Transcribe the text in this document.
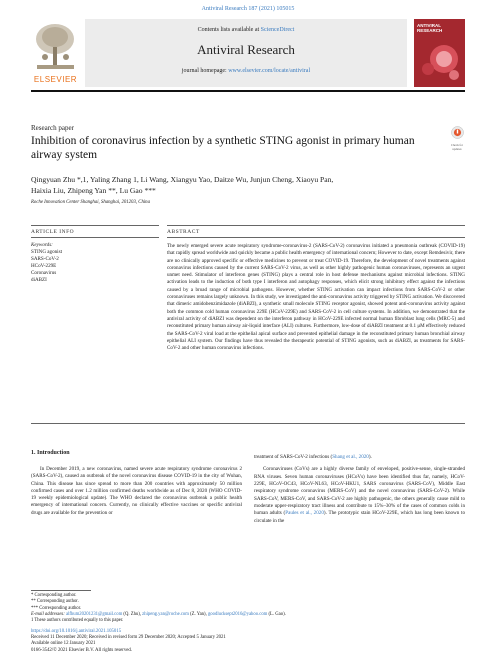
Antiviral Research 187 (2021) 105015
ELSEVIER
Contents lists available at ScienceDirect
Antiviral Research
journal homepage: www.elsevier.com/locate/antiviral
ANTIVIRAL RESEARCH
Research paper
Inhibition of coronavirus infection by a synthetic STING agonist in primary human airway system
Check for updates
Qingyuan Zhu *,1, Yaling Zhang 1, Li Wang, Xiangyu Yao, Daitze Wu, Junjun Cheng, Xiaoyu Pan,
Haixia Liu, Zhipeng Yan **, Lu Gao ***
Roche Innovation Center Shanghai, Shanghai, 201203, China
ARTICLE INFO	ABSTRACT
Keywords:
STING agonist
SARS-CoV-2
HCoV-229E
Coronavirus
diABZI
The newly emerged severe acute respiratory syndrome-coronavirus-2 (SARS-CoV-2) coronavirus initiated a pneumonia outbreak (COVID-19) that rapidly spread worldwide and quickly became a public health emergency of international concern; However to date, except Remdesivir, there are no clinically approved specific or effective medicines to prevent or treat COVID-19. Therefore, the development of novel treatments against coronavirus infections caused by the current SARS-CoV-2 virus, as well as other highly pathogenic human coronaviruses, represents an urgent unmet need. Stimulator of interferon genes (STING) plays a central role in host defense mechanisms against microbial infections. STING activation leads to the induction of both type I interferon and autophagy responses, which elicit strong inhibitory effect against the infections caused by a broad range of microbial pathogens. However, whether STING activation can impact infections from SARS-CoV-2 or other coronaviruses remains largely unknown. In this study, we investigated the anti-coronavirus activity triggered by STING activation. We discovered that dimeric amidobenzimidazole (diABZI), a synthetic small molecule STING receptor agonist, showed potent anti-coronavirus activity against both the common cold human coronavirus 229E (HCoV-229E) and SARS-CoV-2 in cell culture systems. In addition, we demonstrated that the antiviral activity of diABZI was dependent on the interferon pathway in HCoV-229E infected normal human fibroblast lung cells (MRC-5) and reconstituted primary human airway air-liquid interface (ALI) cultures. Furthermore, low-dose of diABZI treatment at 0.1 μM effectively reduced the SARS-CoV-2 viral load at the epithelial apical surface and prevented epithelial damage in the reconstituted primary human bronchial airway epithelial ALI system. Our findings have thus revealed the therapeutic potential of STING agonists, such as diABZI, as treatments for SARS-CoV-2 and other human coronavirus infections.
1. Introduction
In December 2019, a new coronavirus, named severe acute respiratory syndrome coronavirus 2 (SARS-CoV-2), caused an outbreak of the novel coronavirus disease COVID-19 in the city of Wuhan, China. This disease has since spread to more than 200 countries with approximately 50 million confirmed cases and over 1.2 million confirmed deaths worldwide as of Dec 8, 2020 (WHO COVID-19 weekly epidemiological update). The WHO declared the coronavirus outbreak a public health emergency of international concern. Currently, no clinically effective vaccines or specific antiviral drugs are available for the prevention or

treatment of SARS-CoV-2 infections (Shang et al., 2020).

Coronaviruses (CoVs) are a highly diverse family of enveloped, positive-sense, single-stranded RNA viruses. Seven human coronaviruses (HCoVs) have been identified thus far, namely, HCoV-229E, HCoV-OC43, HCoV-NL63, HCoV-HKU1, SARS coronavirus (SARS-CoV), Middle East respiratory syndrome coronavirus (MERS-CoV) and the novel coronavirus (SARS-CoV-2). While SARS-CoV, MERS-CoV, and SARS-CoV-2 are highly pathogenic, the others generally cause mild to moderate upper-respiratory tract illness and contribute to 15%–30% of the cases of common colds in human adults (Paules et al., 2020). The prototypic stain HCoV-229E, which has long been known to circulate in the

* Corresponding author.
** Corresponding author.
*** Corresponding author.
E-mail addresses: alfhum20201231@gmail.com (Q. Zhu), zhipeng.yan@roche.com (Z. Yan), goodlucksept2016@yahoo.com (L. Gao).
1 These authors contributed equally to this paper.
https://doi.org/10.1016/j.antiviral.2021.105015
Received 11 December 2020; Received in revised form 29 December 2020; Accepted 5 January 2021
Available online 12 January 2021
0166-3542/© 2021 Elsevier B.V. All rights reserved.
